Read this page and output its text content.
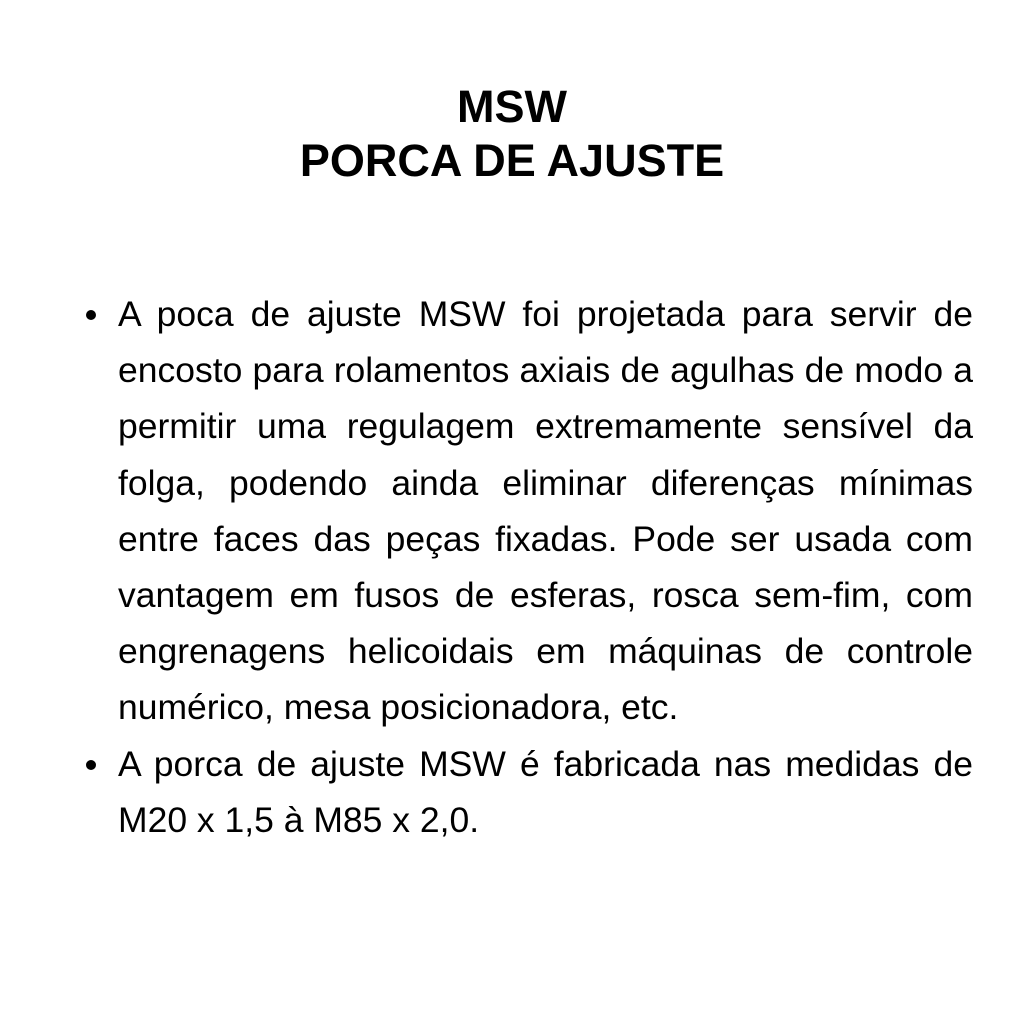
MSW
PORCA DE AJUSTE
A poca de ajuste MSW foi projetada para servir de encosto para rolamentos axiais de agulhas de modo a permitir uma regulagem extremamente sensível da folga, podendo ainda eliminar diferenças mínimas entre faces das peças fixadas. Pode ser usada com vantagem em fusos de esferas, rosca sem-fim, com engrenagens helicoidais em máquinas de controle numérico, mesa posicionadora, etc.
A porca de ajuste MSW é fabricada nas medidas de M20 x 1,5 à M85 x 2,0.
